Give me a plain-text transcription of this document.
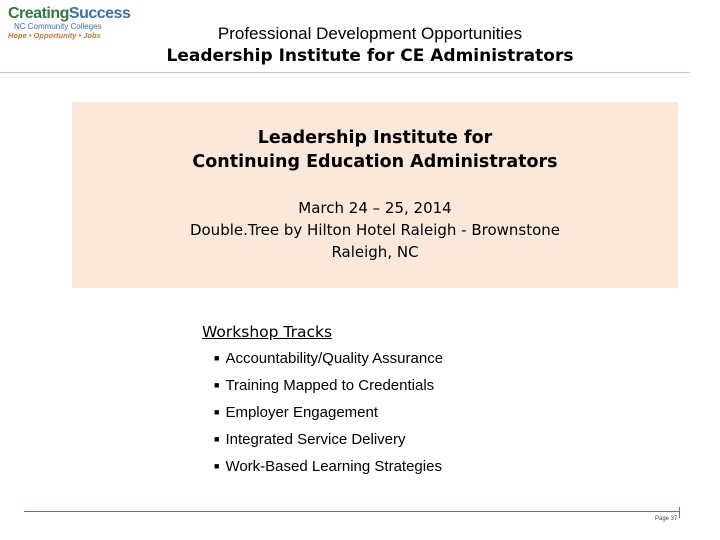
CreatingSuccess
NC Community Colleges
Hope • Opportunity • Jobs	Professional Development Opportunities
Leadership Institute for CE Administrators
Leadership Institute for
Continuing Education Administrators
March 24 – 25, 2014
Double.Tree by Hilton Hotel Raleigh - Brownstone
Raleigh, NC
Workshop Tracks
■ Accountability/Quality Assurance
■ Training Mapped to Credentials
■ Employer Engagement
■ Integrated Service Delivery
■ Work-Based Learning Strategies
Page 37
